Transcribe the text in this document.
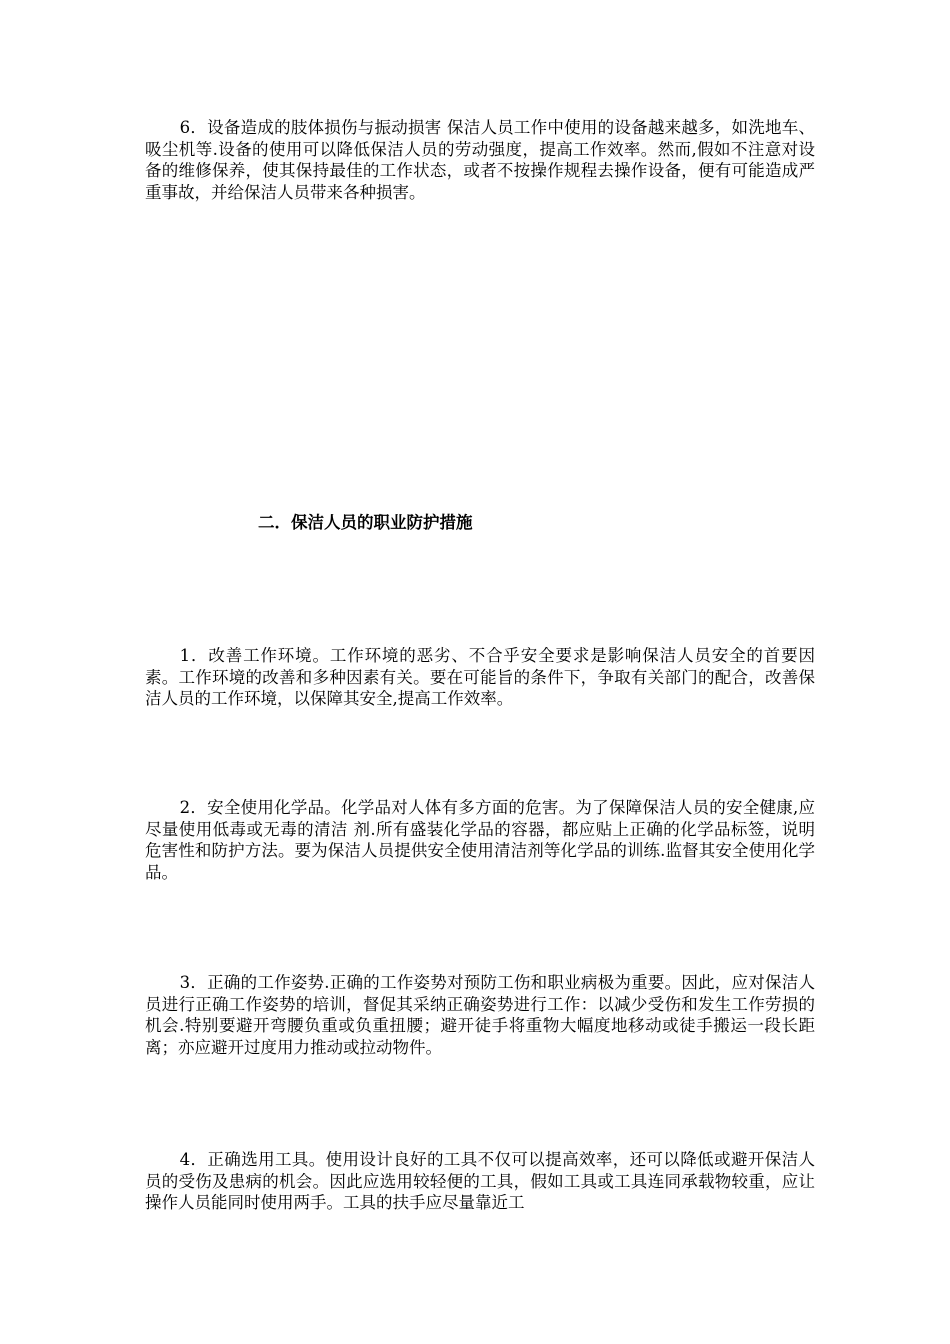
6．设备造成的肢体损伤与振动损害 保洁人员工作中使用的设备越来越多，如洗地车、吸尘机等.设备的使用可以降低保洁人员的劳动强度，提高工作效率。然而,假如不注意对设备的维修保养，使其保持最佳的工作状态，或者不按操作规程去操作设备，便有可能造成严重事故，并给保洁人员带来各种损害。

二．保洁人员的职业防护措施

1．改善工作环境。工作环境的恶劣、不合乎安全要求是影响保洁人员安全的首要因素。工作环境的改善和多种因素有关。要在可能旨的条件下，争取有关部门的配合，改善保洁人员的工作环境，以保障其安全,提高工作效率。

2．安全使用化学品。化学品对人体有多方面的危害。为了保障保洁人员的安全健康,应尽量使用低毒或无毒的清洁 剂.所有盛装化学品的容器，都应贴上正确的化学品标签，说明危害性和防护方法。要为保洁人员提供安全使用清洁剂等化学品的训练.监督其安全使用化学品。

3．正确的工作姿势.正确的工作姿势对预防工伤和职业病极为重要。因此，应对保洁人员进行正确工作姿势的培训，督促其采纳正确姿势进行工作：以减少受伤和发生工作劳损的机会.特别要避开弯腰负重或负重扭腰；避开徒手将重物大幅度地移动或徒手搬运一段长距离；亦应避开过度用力推动或拉动物件。

4．正确选用工具。使用设计良好的工具不仅可以提高效率，还可以降低或避开保洁人员的受伤及患病的机会。因此应选用较轻便的工具，假如工具或工具连同承载物较重，应让操作人员能同时使用两手。工具的扶手应尽量靠近工
